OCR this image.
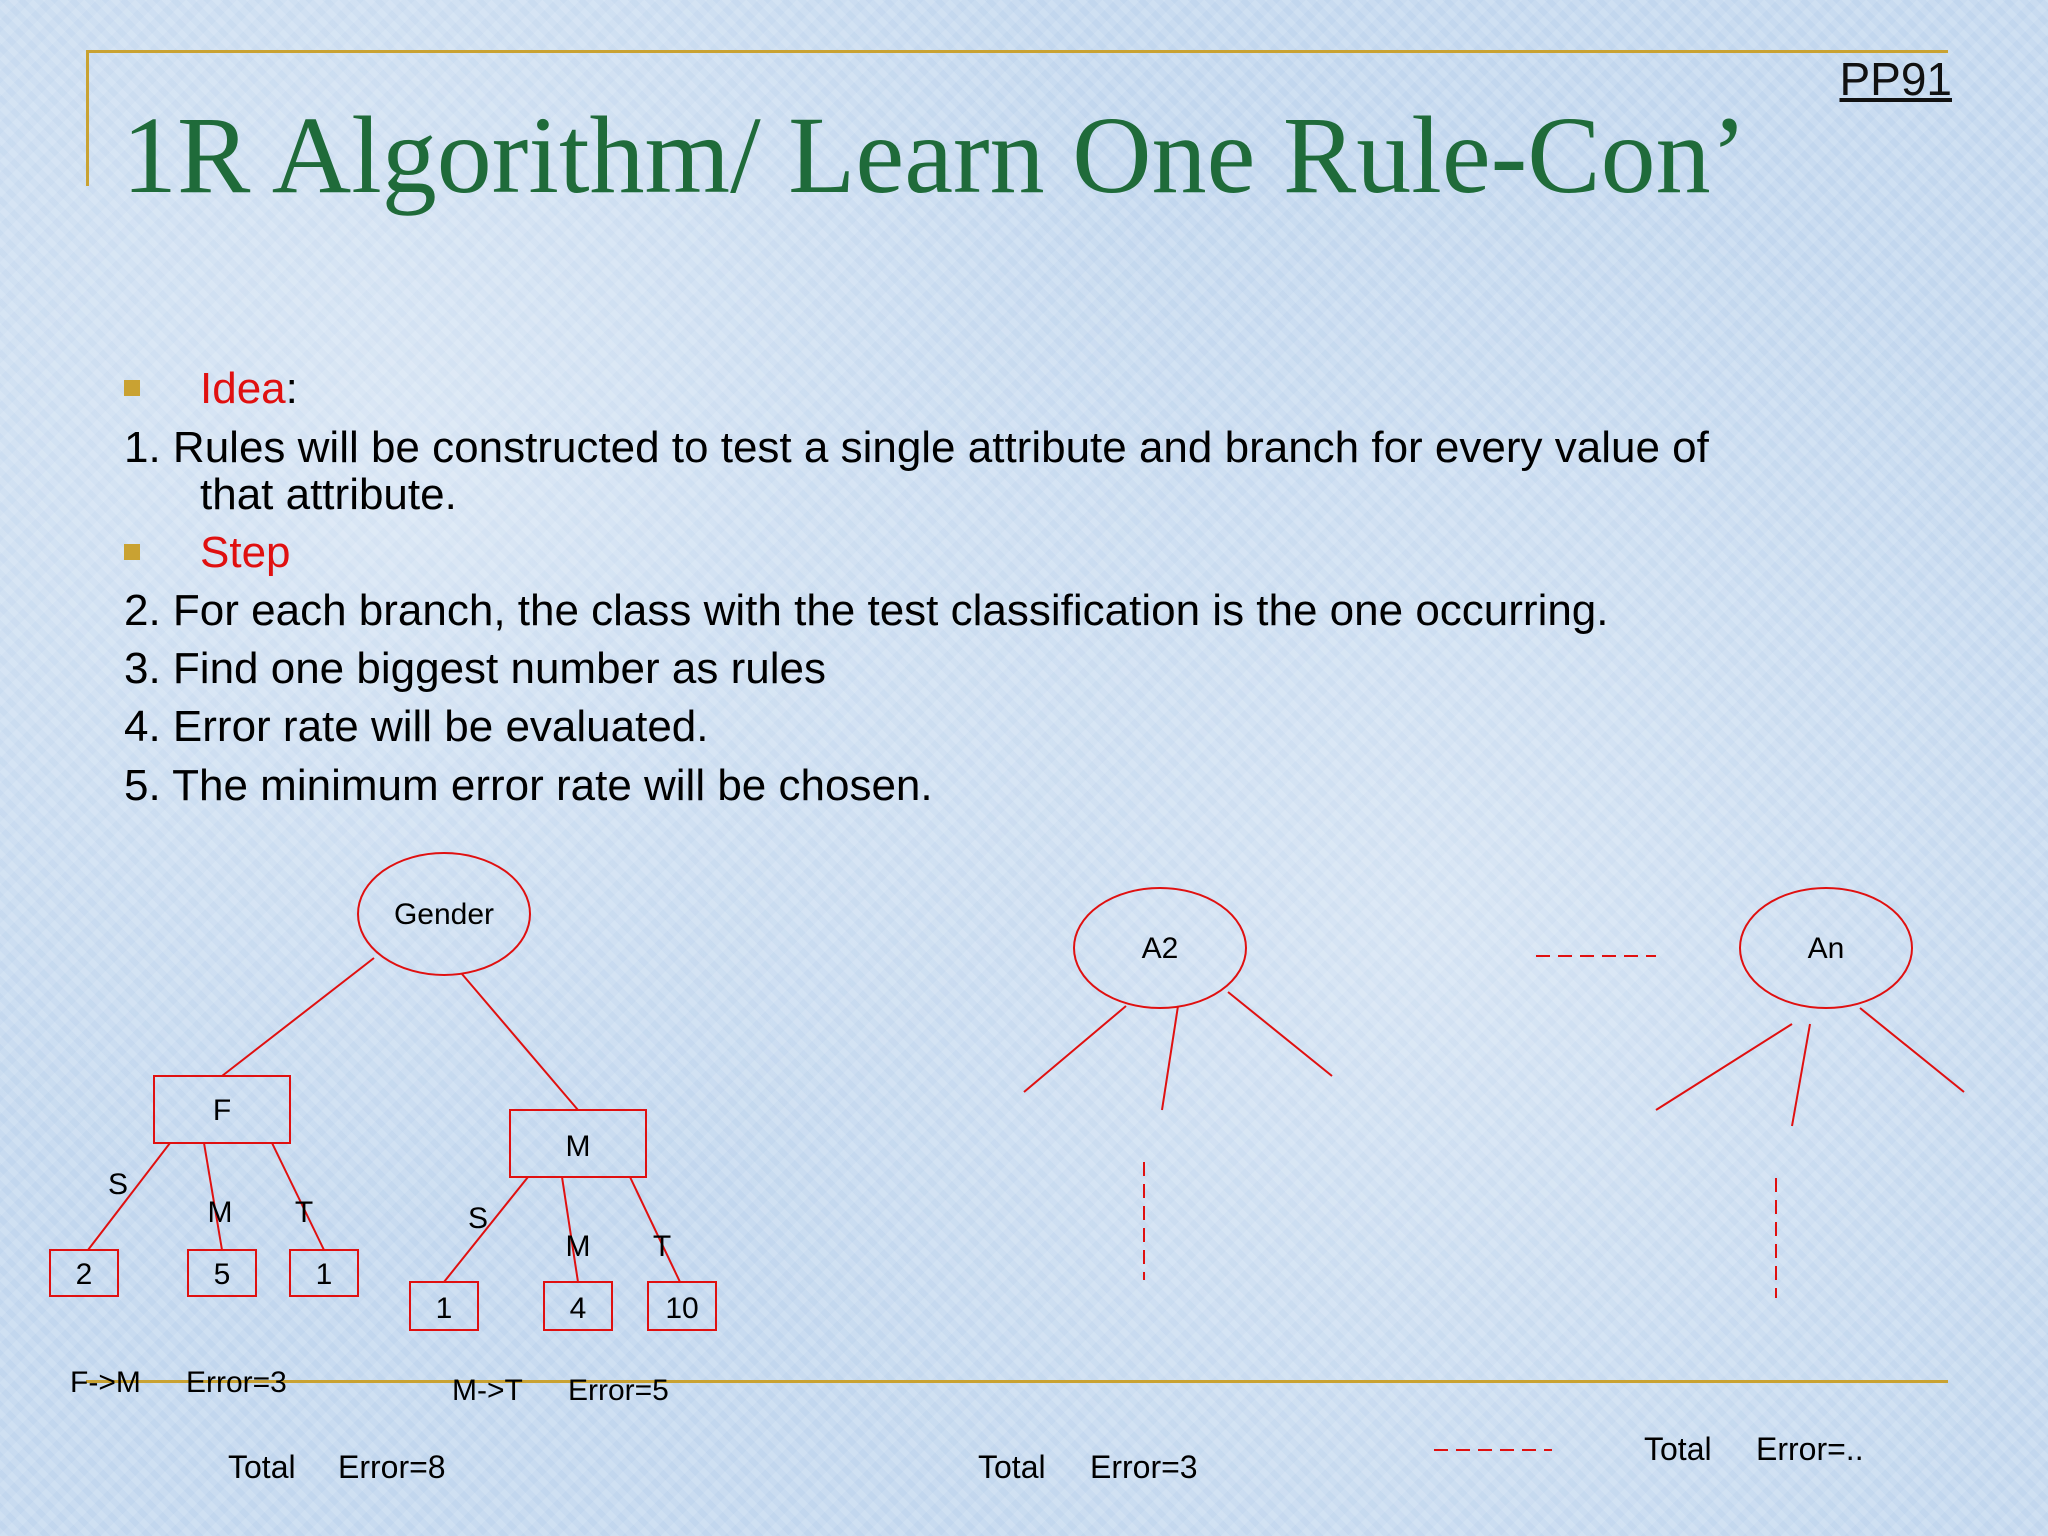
PP91
1R Algorithm/ Learn One Rule-Con’
Idea:
1. Rules will be constructed to test a single attribute and branch for every value of
that attribute.
Step
2. For each branch, the class with the test classification is the one occurring.
3. Find one biggest number as rules
4. Error rate will be evaluated.
5. The minimum error rate will be chosen.
Gender
F
M
S
M T
2	5	1
S
M T
1	4	10
F->M Error=3	M->T Error=5
Total Error=8
A2
Total Error=3
An
Total Error=..
